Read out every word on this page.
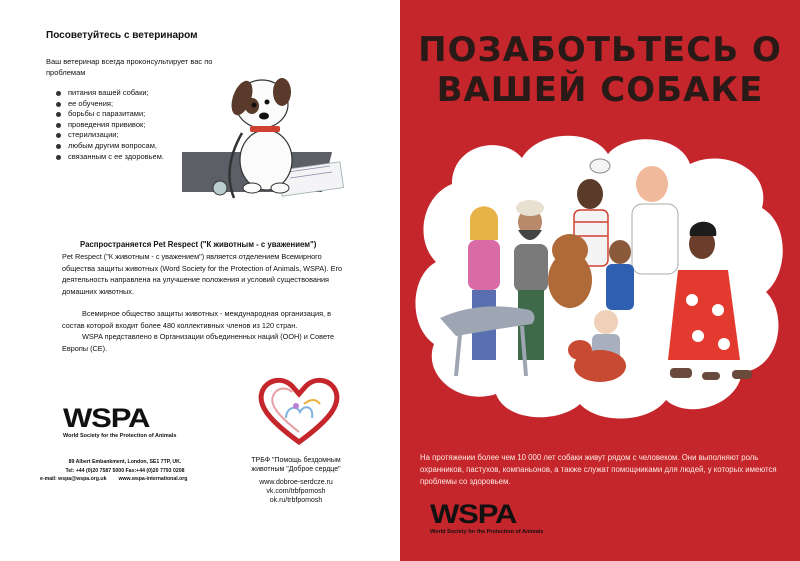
Посоветуйтесь с ветеринаром
Ваш ветеринар всегда проконсультирует вас по проблемам
питания вашей собаки;
ее обучения;
борьбы с паразитами;
проведения прививок;
стерилизации;
любым другим вопросам,
связанным с ее здоровьем.
Распространяется Pet Respect ("К животным - с уважением")

Pet Respect ("К животным - с уважением") является отделением Всемирного общества защиты животных (Word Society for the Protection of Animals, WSPA). Его деятельность направлена на улучшение положения и условий существования домашних животных.

Всемирное общество защиты животных - международная организация, в состав которой входит более 480 коллективных членов из 120 стран.

WSPA представлено в Организации объединенных наций (ООН) и Совете Европы (СЕ).

WSPA
World Society for the Protection of Animals
89 Albert Embankment, London, SE1 7TP, UK.
Tel: +44 (0)20 7587 5000 Fax:+44 (0)20 7793 0208
e-mail: wspa@wspa.org.uk www.wspa-international.org
ТРБФ "Помощь бездомным животным "Доброе сердце"
www.dobroe-serdcze.ru
vk.com/trbfpomosh
ok.ru/trbfpomosh
ПОЗАБОТЬТЕСЬ О
ВАШЕЙ СОБАКЕ

На протяжении более чем 10 000 лет собаки живут рядом с человеком. Они выполняют роль охранников, пастухов, компаньонов, а также служат помощниками для людей, у которых имеются проблемы со здоровьем.

WSPA
World Society for the Protection of Animals
